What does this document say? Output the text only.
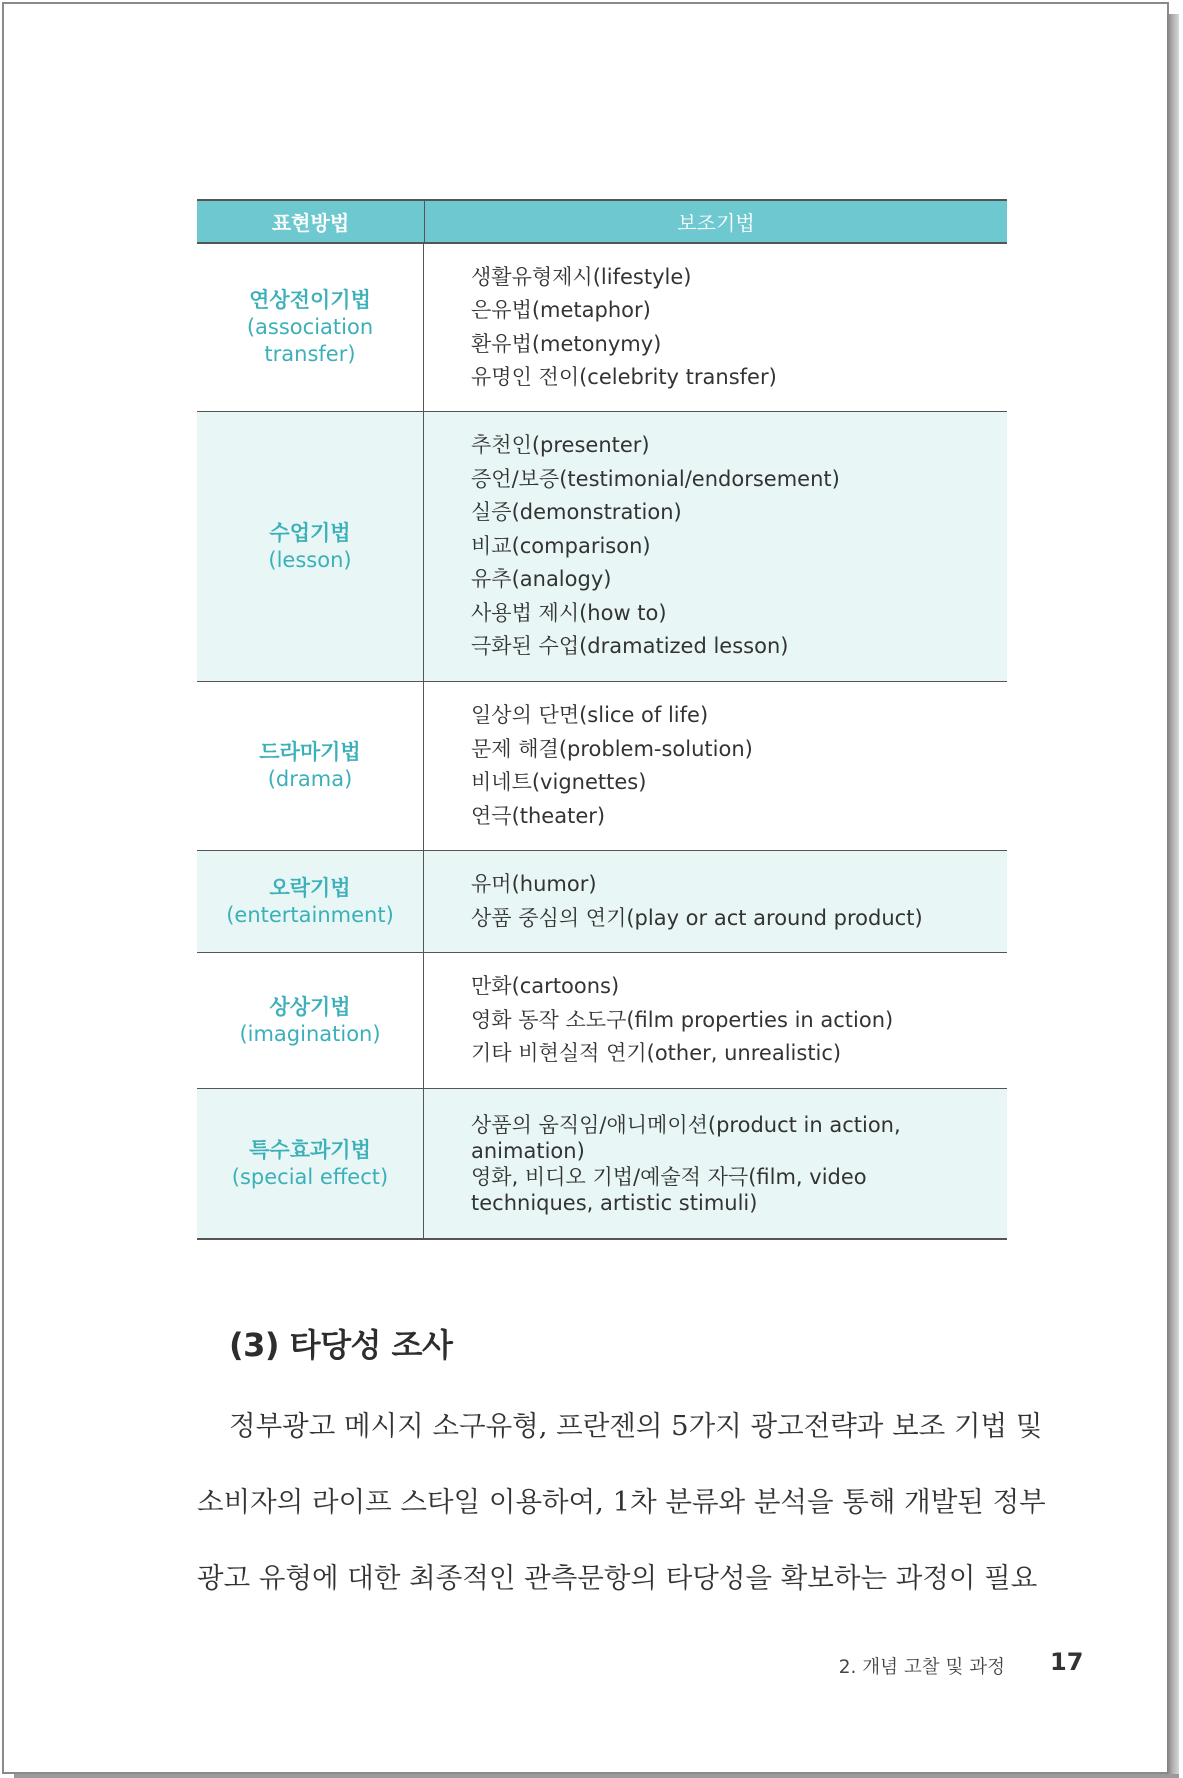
표현방법	보조기법
연상전이기법
(association
transfer)
생활유형제시(lifestyle)
은유법(metaphor)
환유법(metonymy)
유명인 전이(celebrity transfer)
수업기법
(lesson)
추천인(presenter)
증언/보증(testimonial/endorsement)
실증(demonstration)
비교(comparison)
유추(analogy)
사용법 제시(how to)
극화된 수업(dramatized lesson)
드라마기법
(drama)
일상의 단면(slice of life)
문제 해결(problem-solution)
비네트(vignettes)
연극(theater)
오락기법
(entertainment)
유머(humor)
상품 중심의 연기(play or act around product)
상상기법
(imagination)
만화(cartoons)
영화 동작 소도구(film properties in action)
기타 비현실적 연기(other, unrealistic)
특수효과기법
(special effect)
상품의 움직임/애니메이션(product in action,
animation)
영화, 비디오 기법/예술적 자극(film, video
techniques, artistic stimuli)
(3) 타당성 조사
정부광고 메시지 소구유형, 프란젠의 5가지 광고전략과 보조 기법 및
소비자의 라이프 스타일 이용하여, 1차 분류와 분석을 통해 개발된 정부
광고 유형에 대한 최종적인 관측문항의 타당성을 확보하는 과정이 필요
2. 개념 고찰 및 과정 17
